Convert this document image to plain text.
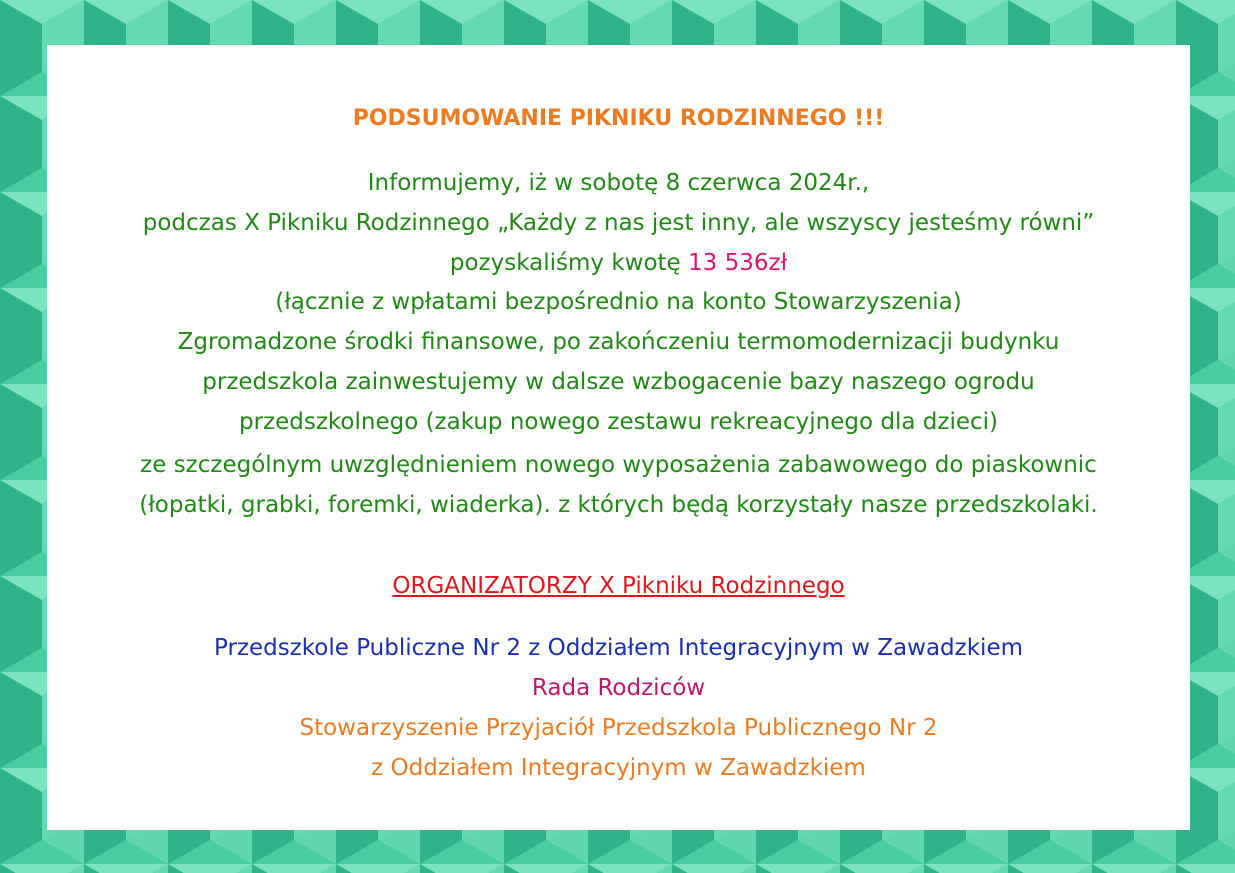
PODSUMOWANIE PIKNIKU RODZINNEGO !!!
Informujemy, iż w sobotę 8 czerwca 2024r.,
podczas X Pikniku Rodzinnego „Każdy z nas jest inny, ale wszyscy jesteśmy równi”
pozyskaliśmy kwotę 13 536zł
(łącznie z wpłatami bezpośrednio na konto Stowarzyszenia)
Zgromadzone środki finansowe, po zakończeniu termomodernizacji budynku
przedszkola zainwestujemy w dalsze wzbogacenie bazy naszego ogrodu
przedszkolnego (zakup nowego zestawu rekreacyjnego dla dzieci)
ze szczególnym uwzględnieniem nowego wyposażenia zabawowego do piaskownic
(łopatki, grabki, foremki, wiaderka). z których będą korzystały nasze przedszkolaki.
ORGANIZATORZY X Pikniku Rodzinnego
Przedszkole Publiczne Nr 2 z Oddziałem Integracyjnym w Zawadzkiem
Rada Rodziców
Stowarzyszenie Przyjaciół Przedszkola Publicznego Nr 2
z Oddziałem Integracyjnym w Zawadzkiem
